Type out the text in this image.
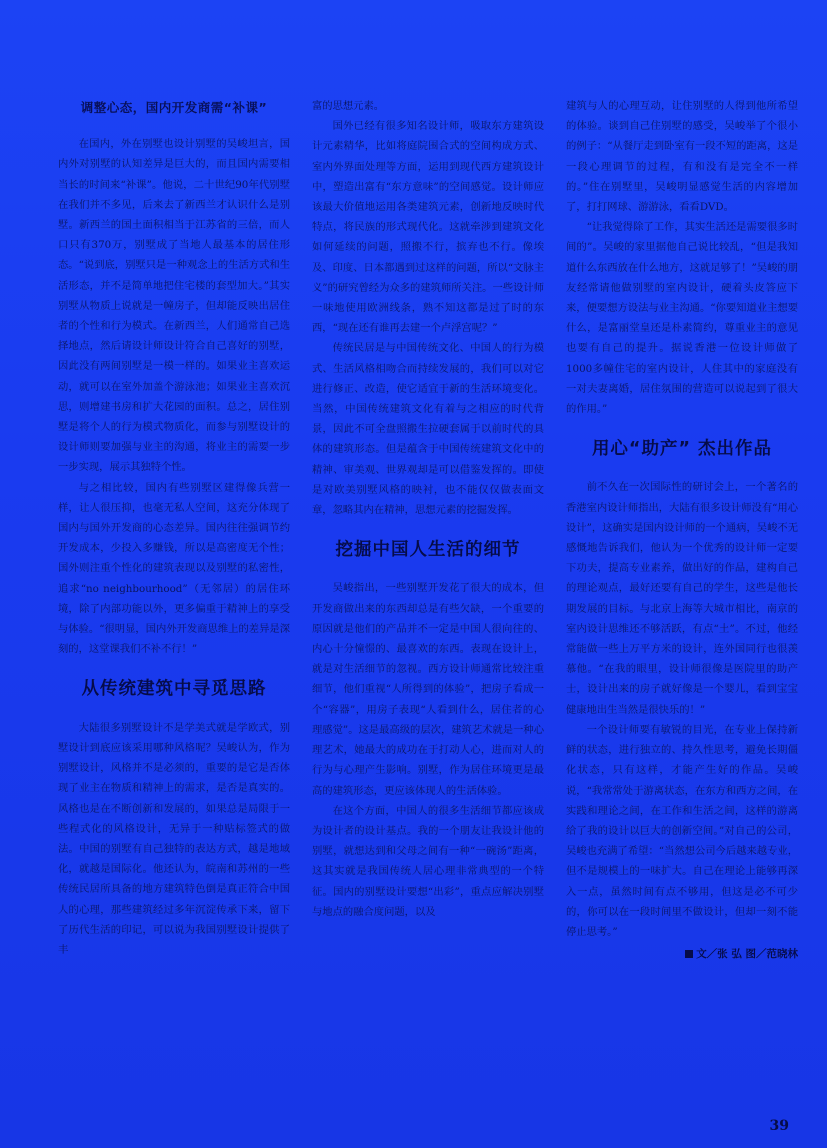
调整心态，国内开发商需“补课”

在国内，外在别墅也设计别墅的吴峻坦言，国内外对别墅的认知差异是巨大的，而且国内需要相当长的时间来“补课”。他说，二十世纪90年代别墅在我们并不多见，后来去了新西兰才认识什么是别墅。新西兰的国土面积相当于江苏省的三倍，而人口只有370万，别墅成了当地人最基本的居住形态。“说到底，别墅只是一种观念上的生活方式和生活形态，并不是简单地把住宅楼的套型加大。”其实别墅从物质上说就是一幢房子，但却能反映出居住者的个性和行为模式。在新西兰，人们通常自己选择地点，然后请设计师设计符合自己喜好的别墅，因此没有两间别墅是一模一样的。如果业主喜欢运动，就可以在室外加盖个游泳池；如果业主喜欢沉思，则增建书房和扩大花园的面积。总之，居住别墅是将个人的行为模式物质化，而参与别墅设计的设计师则要加强与业主的沟通，将业主的需要一步一步实现，展示其独特个性。

与之相比较，国内有些别墅区建得像兵营一样，让人很压抑，也毫无私人空间，这充分体现了国内与国外开发商的心态差异。国内往往强调节约开发成本，少投入多赚钱，所以是高密度无个性；国外则注重个性化的建筑表现以及别墅的私密性，追求“no neighbourhood”（无邻居）的居住环境，除了内部功能以外，更多偏重于精神上的享受与体验。“很明显，国内外开发商思维上的差异是深刻的，这堂课我们不补不行！”

从传统建筑中寻觅思路

大陆很多别墅设计不是学美式就是学欧式，别墅设计到底应该采用哪种风格呢？吴峻认为，作为别墅设计，风格并不是必须的，重要的是它是否体现了业主在物质和精神上的需求，是否是真实的。风格也是在不断创新和发展的，如果总是局限于一些程式化的风格设计，无异于一种贴标签式的做法。中国的别墅有自己独特的表达方式，越是地域化，就越是国际化。他还认为，皖南和苏州的一些传统民居所具备的地方建筑特色倒是真正符合中国人的心理，那些建筑经过多年沉淀传承下来，留下了历代生活的印记，可以说为我国别墅设计提供了丰

富的思想元素。

国外已经有很多知名设计师，吸取东方建筑设计元素精华，比如将庭院围合式的空间构成方式、室内外界面处理等方面，运用到现代西方建筑设计中，塑造出富有“东方意味”的空间感觉。设计师应该最大价值地运用各类建筑元素，创新地反映时代特点，将民族的形式现代化。这就牵涉到建筑文化如何延续的问题，照搬不行，摈弃也不行。像埃及、印度、日本都遇到过这样的问题，所以“文脉主义”的研究曾经为众多的建筑师所关注。一些设计师一味地使用欧洲线条，熟不知这都是过了时的东西，“现在还有谁再去建一个卢浮宫呢？”

传统民居是与中国传统文化、中国人的行为模式、生活风格相吻合而持续发展的，我们可以对它进行修正、改造，使它适宜于新的生活环境变化。当然，中国传统建筑文化有着与之相应的时代背景，因此不可全盘照搬生拉硬套属于以前时代的具体的建筑形态。但是蕴含于中国传统建筑文化中的精神、审美观、世界观却是可以借鉴发挥的。即使是对欧美别墅风格的映衬，也不能仅仅做表面文章，忽略其内在精神，思想元素的挖掘发挥。

挖掘中国人生活的细节

吴峻指出，一些别墅开发花了很大的成本，但开发商做出来的东西却总是有些欠缺，一个重要的原因就是他们的产品并不一定是中国人很向往的、内心十分憧憬的、最喜欢的东西。表现在设计上，就是对生活细节的忽视。西方设计师通常比较注重细节，他们重视“人所得到的体验”，把房子看成一个“容器”，用房子表现“人看到什么，居住者的心理感觉”。这是最高级的层次，建筑艺术就是一种心理艺术，她最大的成功在于打动人心，进而对人的行为与心理产生影响。别墅，作为居住环境更是最高的建筑形态，更应该体现人的生活体验。

在这个方面，中国人的很多生活细节都应该成为设计者的设计基点。我的一个朋友让我设计他的别墅，就想达到和父母之间有一种“一碗汤”距离，这其实就是我国传统人居心理非常典型的一个特征。国内的别墅设计要想“出彩”，重点应解决别墅与地点的融合度问题，以及

建筑与人的心理互动，让住别墅的人得到他所希望的体验。谈到自己住别墅的感受，吴峻举了个很小的例子：“从餐厅走到卧室有一段不短的距离，这是一段心理调节的过程，有和没有是完全不一样的。”住在别墅里，吴峻明显感觉生活的内容增加了，打打网球、游游泳，看看DVD。

“让我觉得除了工作，其实生活还是需要很多时间的”。吴峻的家里据他自己说比较乱，“但是我知道什么东西放在什么地方，这就足够了！”吴峻的朋友经常请他做别墅的室内设计，硬着头皮答应下来，便要想方设法与业主沟通。“你要知道业主想要什么，是富丽堂皇还是朴素简约，尊重业主的意见也要有自己的提升。据说香港一位设计师做了1000多幢住宅的室内设计，人住其中的家庭没有一对夫妻离婚，居住氛围的营造可以说起到了很大的作用。”

用心“助产” 杰出作品

前不久在一次国际性的研讨会上，一个著名的香港室内设计师指出，大陆有很多设计师没有“用心设计”，这确实是国内设计师的一个通病，吴峻不无感慨地告诉我们，他认为一个优秀的设计师一定要下功夫，提高专业素养，做出好的作品，建构自己的理论观点，最好还要有自己的学生，这些是他长期发展的目标。与北京上海等大城市相比，南京的室内设计思维还不够活跃，有点“土”。不过，他经常能做一些上万平方米的设计，连外国同行也很羡慕他。“在我的眼里，设计师很像是医院里的助产士，设计出来的房子就好像是一个婴儿，看到宝宝健康地出生当然是很快乐的！”

一个设计师要有敏锐的目光，在专业上保持新鲜的状态，进行独立的、持久性思考，避免长期僵化状态，只有这样，才能产生好的作品。吴峻说，“我常常处于游离状态，在东方和西方之间，在实践和理论之间，在工作和生活之间，这样的游离给了我的设计以巨大的创新空间。”对自己的公司，吴峻也充满了希望：“当然想公司今后越来越专业，但不是规模上的一味扩大。自己在理论上能够再深入一点，虽然时间有点不够用，但这是必不可少的，你可以在一段时间里不做设计，但却一刻不能停止思考。”

文／张 弘 图／范晓林
39
